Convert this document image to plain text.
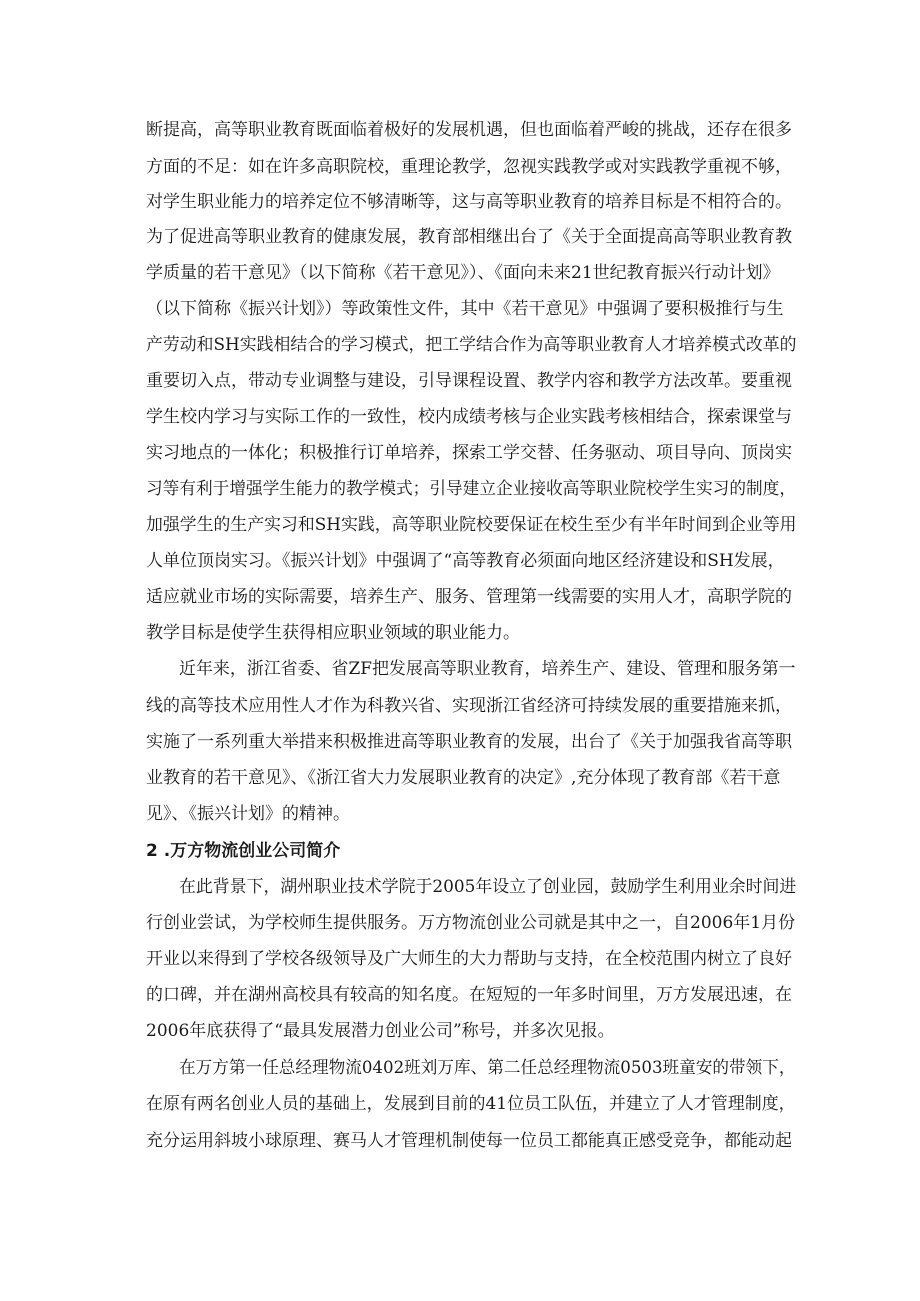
断提高，高等职业教育既面临着极好的发展机遇，但也面临着严峻的挑战，还存在很多
方面的不足：如在许多高职院校，重理论教学，忽视实践教学或对实践教学重视不够，
对学生职业能力的培养定位不够清晰等，这与高等职业教育的培养目标是不相符合的。
为了促进高等职业教育的健康发展，教育部相继出台了《关于全面提高高等职业教育教
学质量的若干意见》（以下简称《若干意见》）、《面向未来21世纪教育振兴行动计划》
（以下简称《振兴计划》）等政策性文件，其中《若干意见》中强调了要积极推行与生
产劳动和SH实践相结合的学习模式，把工学结合作为高等职业教育人才培养模式改革的
重要切入点，带动专业调整与建设，引导课程设置、教学内容和教学方法改革。要重视
学生校内学习与实际工作的一致性，校内成绩考核与企业实践考核相结合，探索课堂与
实习地点的一体化；积极推行订单培养，探索工学交替、任务驱动、项目导向、顶岗实
习等有利于增强学生能力的教学模式；引导建立企业接收高等职业院校学生实习的制度，
加强学生的生产实习和SH实践，高等职业院校要保证在校生至少有半年时间到企业等用
人单位顶岗实习。《振兴计划》中强调了“高等教育必须面向地区经济建设和SH发展，
适应就业市场的实际需要，培养生产、服务、管理第一线需要的实用人才，高职学院的
教学目标是使学生获得相应职业领域的职业能力。
近年来，浙江省委、省ZF把发展高等职业教育，培养生产、建设、管理和服务第一
线的高等技术应用性人才作为科教兴省、实现浙江省经济可持续发展的重要措施来抓，
实施了一系列重大举措来积极推进高等职业教育的发展，出台了《关于加强我省高等职
业教育的若干意见》、《浙江省大力发展职业教育的决定》,充分体现了教育部《若干意
见》、《振兴计划》的精神。
2 .万方物流创业公司简介
在此背景下，湖州职业技术学院于2005年设立了创业园，鼓励学生利用业余时间进
行创业尝试，为学校师生提供服务。万方物流创业公司就是其中之一，自2006年1月份
开业以来得到了学校各级领导及广大师生的大力帮助与支持，在全校范围内树立了良好
的口碑，并在湖州高校具有较高的知名度。在短短的一年多时间里，万方发展迅速，在
2006年底获得了“最具发展潜力创业公司”称号，并多次见报。
在万方第一任总经理物流0402班刘万库、第二任总经理物流0503班童安的带领下，
在原有两名创业人员的基础上，发展到目前的41位员工队伍，并建立了人才管理制度，
充分运用斜坡小球原理、赛马人才管理机制使每一位员工都能真正感受竞争，都能动起
